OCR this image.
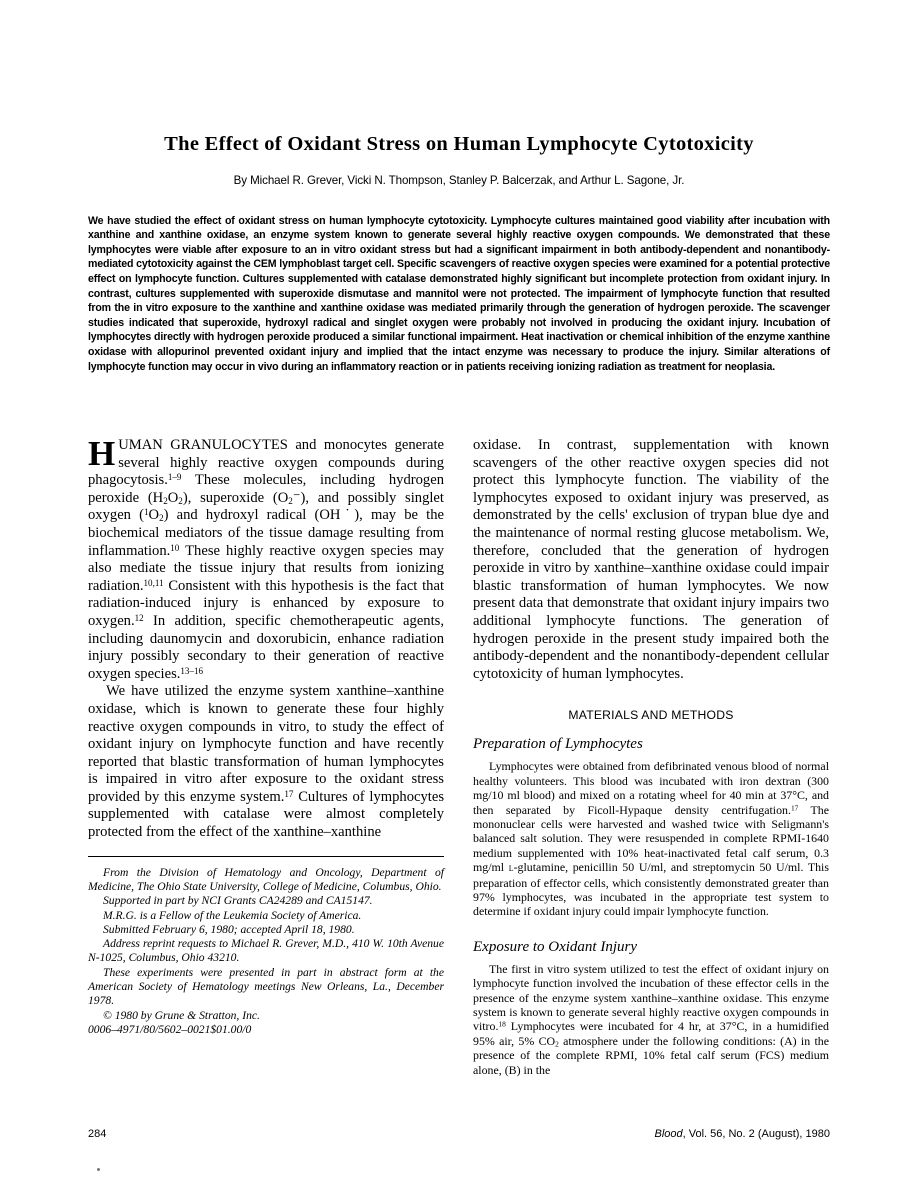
The Effect of Oxidant Stress on Human Lymphocyte Cytotoxicity
By Michael R. Grever, Vicki N. Thompson, Stanley P. Balcerzak, and Arthur L. Sagone, Jr.
We have studied the effect of oxidant stress on human lymphocyte cytotoxicity. Lymphocyte cultures maintained good viability after incubation with xanthine and xanthine oxidase, an enzyme system known to generate several highly reactive oxygen compounds. We demonstrated that these lymphocytes were viable after exposure to an in vitro oxidant stress but had a significant impairment in both antibody-dependent and nonantibody-mediated cytotoxicity against the CEM lymphoblast target cell. Specific scavengers of reactive oxygen species were examined for a potential protective effect on lymphocyte function. Cultures supplemented with catalase demonstrated highly significant but incomplete protection from oxidant injury. In contrast, cultures supplemented with superoxide dismutase and mannitol were not protected. The impairment of lymphocyte function that resulted from the in vitro exposure to the xanthine and xanthine oxidase was mediated primarily through the generation of hydrogen peroxide. The scavenger studies indicated that superoxide, hydroxyl radical and singlet oxygen were probably not involved in producing the oxidant injury. Incubation of lymphocytes directly with hydrogen peroxide produced a similar functional impairment. Heat inactivation or chemical inhibition of the enzyme xanthine oxidase with allopurinol prevented oxidant injury and implied that the intact enzyme was necessary to produce the injury. Similar alterations of lymphocyte function may occur in vivo during an inflammatory reaction or in patients receiving ionizing radiation as treatment for neoplasia.

HUMAN GRANULOCYTES and monocytes generate several highly reactive oxygen compounds during phagocytosis.$^{1-9}$ These molecules, including hydrogen peroxide $(H_2O_2)$, superoxide $(O_2^-)$, and possibly singlet oxygen $(^1O_2)$ and hydroxyl radical (OH˙), may be the biochemical mediators of the tissue damage resulting from inflammation.$^{10}$ These highly reactive oxygen species may also mediate the tissue injury that results from ionizing radiation.$^{10,11}$ Consistent with this hypothesis is the fact that radiation-induced injury is enhanced by exposure to oxygen.$^{12}$ In addition, specific chemotherapeutic agents, including daunomycin and doxorubicin, enhance radiation injury possibly secondary to their generation of reactive oxygen species.$^{13-16}$

We have utilized the enzyme system xanthine–xanthine oxidase, which is known to generate these four highly reactive oxygen compounds in vitro, to study the effect of oxidant injury on lymphocyte function and have recently reported that blastic transformation of human lymphocytes is impaired in vitro after exposure to the oxidant stress provided by this enzyme system.$^{17}$ Cultures of lymphocytes supplemented with catalase were almost completely protected from the effect of the xanthine–xanthine

From the Division of Hematology and Oncology, Department of Medicine, The Ohio State University, College of Medicine, Columbus, Ohio.

Supported in part by NCI Grants CA24289 and CA15147.

M.R.G. is a Fellow of the Leukemia Society of America.

Submitted February 6, 1980; accepted April 18, 1980.

Address reprint requests to Michael R. Grever, M.D., 410 W. 10th Avenue N-1025, Columbus, Ohio 43210.

These experiments were presented in part in abstract form at the American Society of Hematology meetings New Orleans, La., December 1978.

© 1980 by Grune & Stratton, Inc.

0006–4971/80/5602–0021$01.00/0

oxidase. In contrast, supplementation with known scavengers of the other reactive oxygen species did not protect this lymphocyte function. The viability of the lymphocytes exposed to oxidant injury was preserved, as demonstrated by the cells' exclusion of trypan blue dye and the maintenance of normal resting glucose metabolism. We, therefore, concluded that the generation of hydrogen peroxide in vitro by xanthine–xanthine oxidase could impair blastic transformation of human lymphocytes. We now present data that demonstrate that oxidant injury impairs two additional lymphocyte functions. The generation of hydrogen peroxide in the present study impaired both the antibody-dependent and the nonantibody-dependent cellular cytotoxicity of human lymphocytes.

MATERIALS AND METHODS
Preparation of Lymphocytes

Lymphocytes were obtained from defibrinated venous blood of normal healthy volunteers. This blood was incubated with iron dextran (300 mg/10 ml blood) and mixed on a rotating wheel for 40 min at 37°C, and then separated by Ficoll-Hypaque density centrifugation.$^{17}$ The mononuclear cells were harvested and washed twice with Seligmann's balanced salt solution. They were resuspended in complete RPMI-1640 medium supplemented with 10% heat-inactivated fetal calf serum, 0.3 mg/ml l-glutamine, penicillin 50 U/ml, and streptomycin 50 U/ml. This preparation of effector cells, which consistently demonstrated greater than 97% lymphocytes, was incubated in the appropriate test system to determine if oxidant injury could impair lymphocyte function.

Exposure to Oxidant Injury

The first in vitro system utilized to test the effect of oxidant injury on lymphocyte function involved the incubation of these effector cells in the presence of the enzyme system xanthine–xanthine oxidase. This enzyme system is known to generate several highly reactive oxygen compounds in vitro.$^{18}$ Lymphocytes were incubated for 4 hr, at 37°C, in a humidified 95% air, 5% $CO_2$ atmosphere under the following conditions: (A) in the presence of the complete RPMI, 10% fetal calf serum (FCS) medium alone, (B) in the

284	Blood, Vol. 56, No. 2 (August), 1980
